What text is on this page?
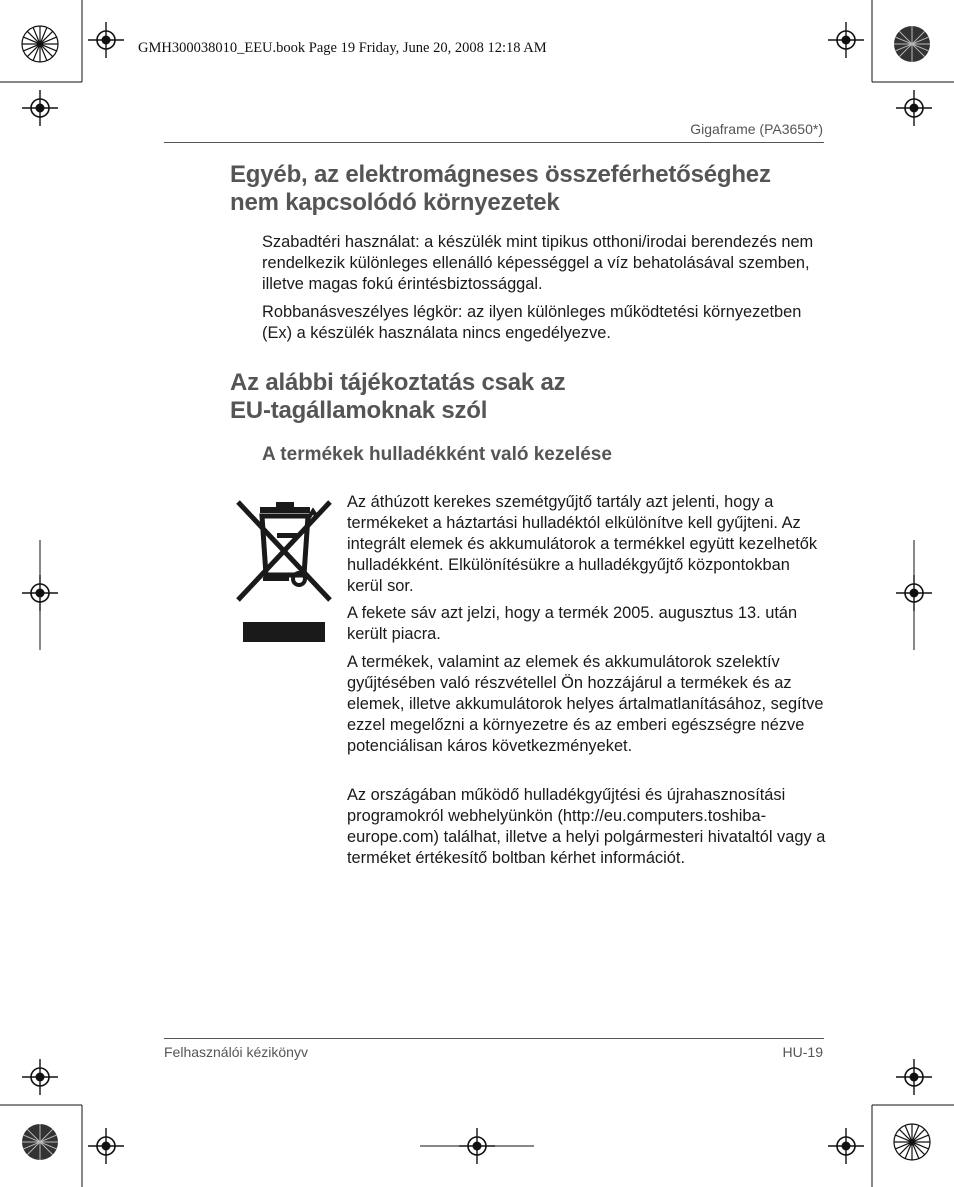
GMH300038010_EEU.book Page 19 Friday, June 20, 2008 12:18 AM
Gigaframe (PA3650*)
Egyéb, az elektromágneses összeférhetőséghez
nem kapcsolódó környezetek

Szabadtéri használat: a készülék mint tipikus otthoni/irodai berendezés nem rendelkezik különleges ellenálló képességgel a víz behatolásával szemben, illetve magas fokú érintésbiztossággal.

Robbanásveszélyes légkör: az ilyen különleges működtetési környezetben (Ex) a készülék használata nincs engedélyezve.

Az alábbi tájékoztatás csak az
EU-tagállamoknak szól
A termékek hulladékként való kezelése

Az áthúzott kerekes szemétgyűjtő tartály azt jelenti, hogy a termékeket a háztartási hulladéktól elkülönítve kell gyűjteni. Az integrált elemek és akkumulátorok a termékkel együtt kezelhetők hulladékként. Elkülönítésükre a hulladékgyűjtő központokban kerül sor.

A fekete sáv azt jelzi, hogy a termék 2005. augusztus 13. után került piacra.

A termékek, valamint az elemek és akkumulátorok szelektív gyűjtésében való részvétellel Ön hozzájárul a termékek és az elemek, illetve akkumulátorok helyes ártalmatlanításához, segítve ezzel megelőzni a környezetre és az emberi egészségre nézve potenciálisan káros következményeket.

Az országában működő hulladékgyűjtési és újrahasznosítási programokról webhelyünkön (http://eu.computers.toshiba-europe.com) találhat, illetve a helyi polgármesteri hivataltól vagy a terméket értékesítő boltban kérhet információt.

Felhasználói kézikönyv	HU-19
